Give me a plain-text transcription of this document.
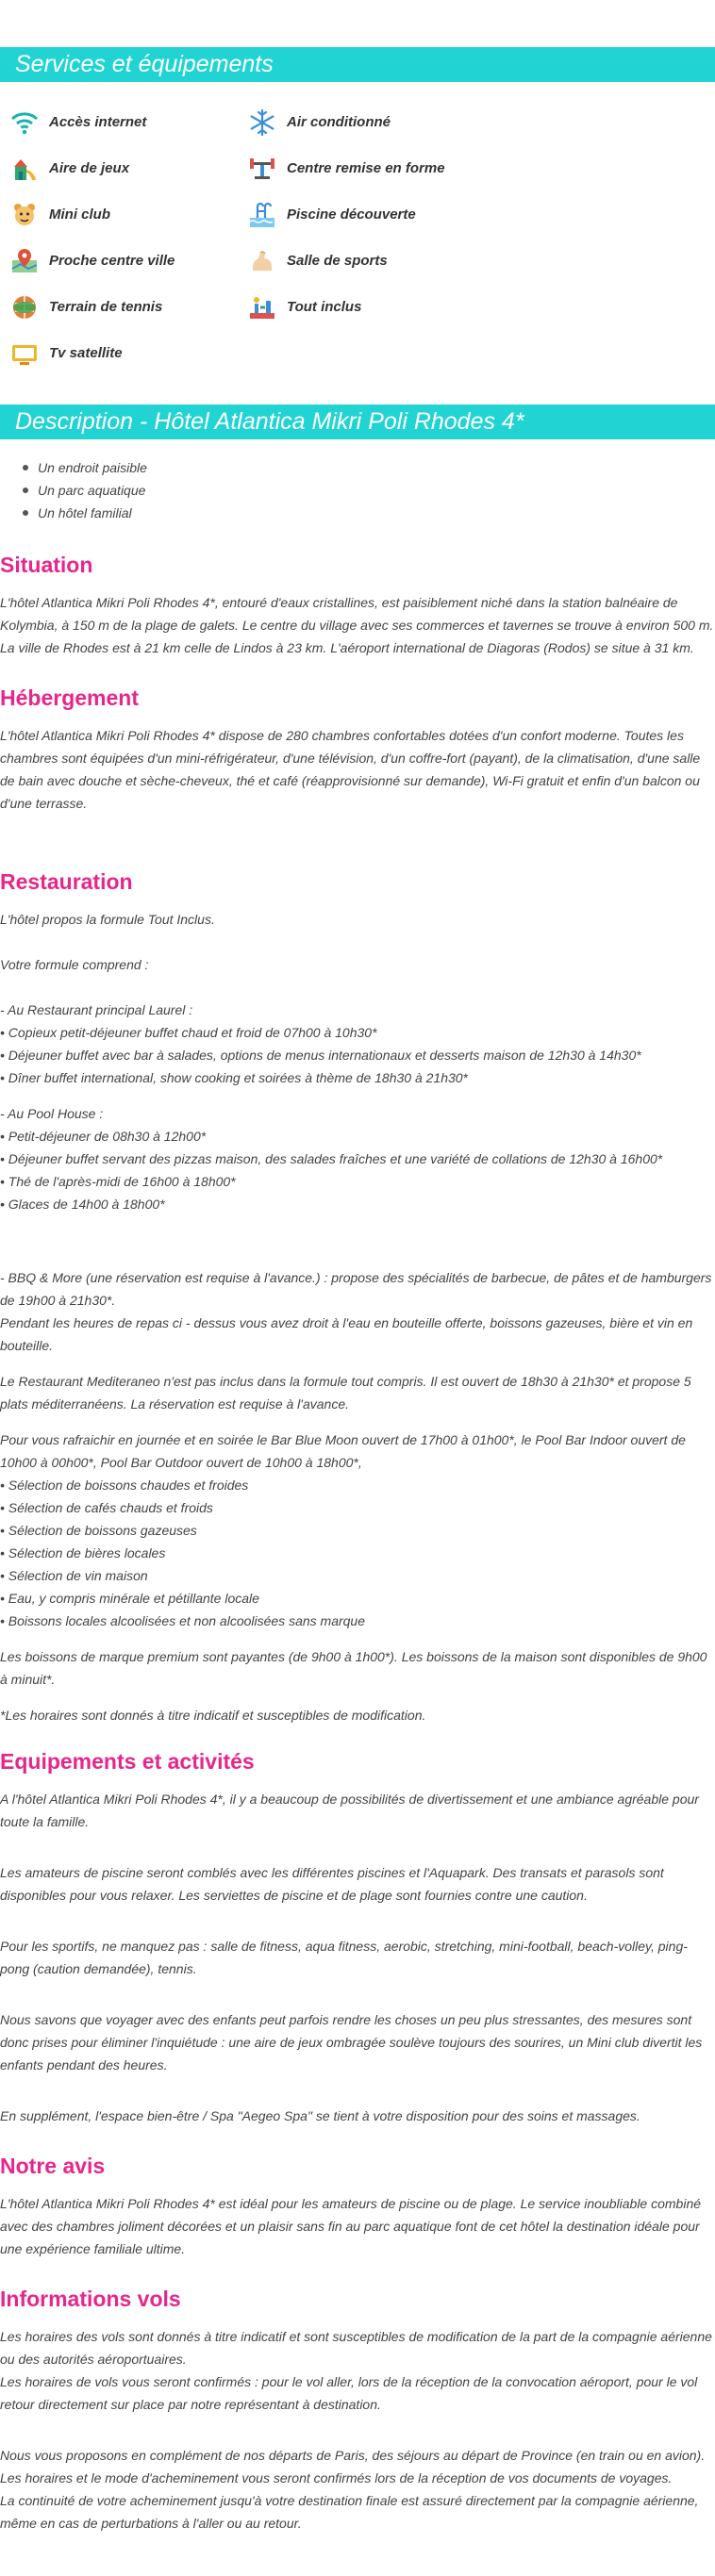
Services et équipements
Accès internet	Air conditionné
Aire de jeux	Centre remise en forme
Mini club	Piscine découverte
Proche centre ville	Salle de sports
Terrain de tennis	Tout inclus
Tv satellite
Description - Hôtel Atlantica Mikri Poli Rhodes 4*
Un endroit paisible
Un parc aquatique
Un hôtel familial
Situation

L'hôtel Atlantica Mikri Poli Rhodes 4*, entouré d'eaux cristallines, est paisiblement niché dans la station balnéaire de Kolymbia, à 150 m de la plage de galets. Le centre du village avec ses commerces et tavernes se trouve à environ 500 m. La ville de Rhodes est à 21 km celle de Lindos à 23 km. L'aéroport international de Diagoras (Rodos) se situe à 31 km.

Hébergement

L'hôtel Atlantica Mikri Poli Rhodes 4* dispose de 280 chambres confortables dotées d'un confort moderne. Toutes les chambres sont équipées d'un mini-réfrigérateur, d'une télévision, d'un coffre-fort (payant), de la climatisation, d'une salle de bain avec douche et sèche-cheveux, thé et café (réapprovisionné sur demande), Wi-Fi gratuit et enfin d'un balcon ou d'une terrasse.

Restauration

L'hôtel propos la formule Tout Inclus.

Votre formule comprend :

- Au Restaurant principal Laurel :
• Copieux petit-déjeuner buffet chaud et froid de 07h00 à 10h30*
• Déjeuner buffet avec bar à salades, options de menus internationaux et desserts maison de 12h30 à 14h30*
• Dîner buffet international, show cooking et soirées à thème de 18h30 à 21h30*

- Au Pool House :
• Petit-déjeuner de 08h30 à 12h00*
• Déjeuner buffet servant des pizzas maison, des salades fraîches et une variété de collations de 12h30 à 16h00*
• Thé de l'après-midi de 16h00 à 18h00*
• Glaces de 14h00 à 18h00*

- BBQ & More (une réservation est requise à l'avance.) : propose des spécialités de barbecue, de pâtes et de hamburgers de 19h00 à 21h30*.
Pendant les heures de repas ci - dessus vous avez droit à l'eau en bouteille offerte, boissons gazeuses, bière et vin en bouteille.

Le Restaurant Mediteraneo n'est pas inclus dans la formule tout compris. Il est ouvert de 18h30 à 21h30* et propose 5 plats méditerranéens. La réservation est requise à l'avance.

Pour vous rafraichir en journée et en soirée le Bar Blue Moon ouvert de 17h00 à 01h00*, le Pool Bar Indoor ouvert de 10h00 à 00h00*, Pool Bar Outdoor ouvert de 10h00 à 18h00*,
• Sélection de boissons chaudes et froides
• Sélection de cafés chauds et froids
• Sélection de boissons gazeuses
• Sélection de bières locales
• Sélection de vin maison
• Eau, y compris minérale et pétillante locale
• Boissons locales alcoolisées et non alcoolisées sans marque

Les boissons de marque premium sont payantes (de 9h00 à 1h00*). Les boissons de la maison sont disponibles de 9h00 à minuit*.

*Les horaires sont donnés à titre indicatif et susceptibles de modification.

Equipements et activités

A l'hôtel Atlantica Mikri Poli Rhodes 4*, il y a beaucoup de possibilités de divertissement et une ambiance agréable pour toute la famille.

Les amateurs de piscine seront comblés avec les différentes piscines et l'Aquapark. Des transats et parasols sont disponibles pour vous relaxer. Les serviettes de piscine et de plage sont fournies contre une caution.

Pour les sportifs, ne manquez pas : salle de fitness, aqua fitness, aerobic, stretching, mini-football, beach-volley, ping-pong (caution demandée), tennis.

Nous savons que voyager avec des enfants peut parfois rendre les choses un peu plus stressantes, des mesures sont donc prises pour éliminer l'inquiétude : une aire de jeux ombragée soulève toujours des sourires, un Mini club divertit les enfants pendant des heures.

En supplément, l'espace bien-être / Spa "Aegeo Spa" se tient à votre disposition pour des soins et massages.

Notre avis

L'hôtel Atlantica Mikri Poli Rhodes 4* est idéal pour les amateurs de piscine ou de plage. Le service inoubliable combiné avec des chambres joliment décorées et un plaisir sans fin au parc aquatique font de cet hôtel la destination idéale pour une expérience familiale ultime.

Informations vols

Les horaires des vols sont donnés à titre indicatif et sont susceptibles de modification de la part de la compagnie aérienne ou des autorités aéroportuaires.
Les horaires de vols vous seront confirmés : pour le vol aller, lors de la réception de la convocation aéroport, pour le vol retour directement sur place par notre représentant à destination.

Nous vous proposons en complément de nos départs de Paris, des séjours au départ de Province (en train ou en avion).
Les horaires et le mode d'acheminement vous seront confirmés lors de la réception de vos documents de voyages.
La continuité de votre acheminement jusqu'à votre destination finale est assuré directement par la compagnie aérienne, même en cas de perturbations à l'aller ou au retour.
